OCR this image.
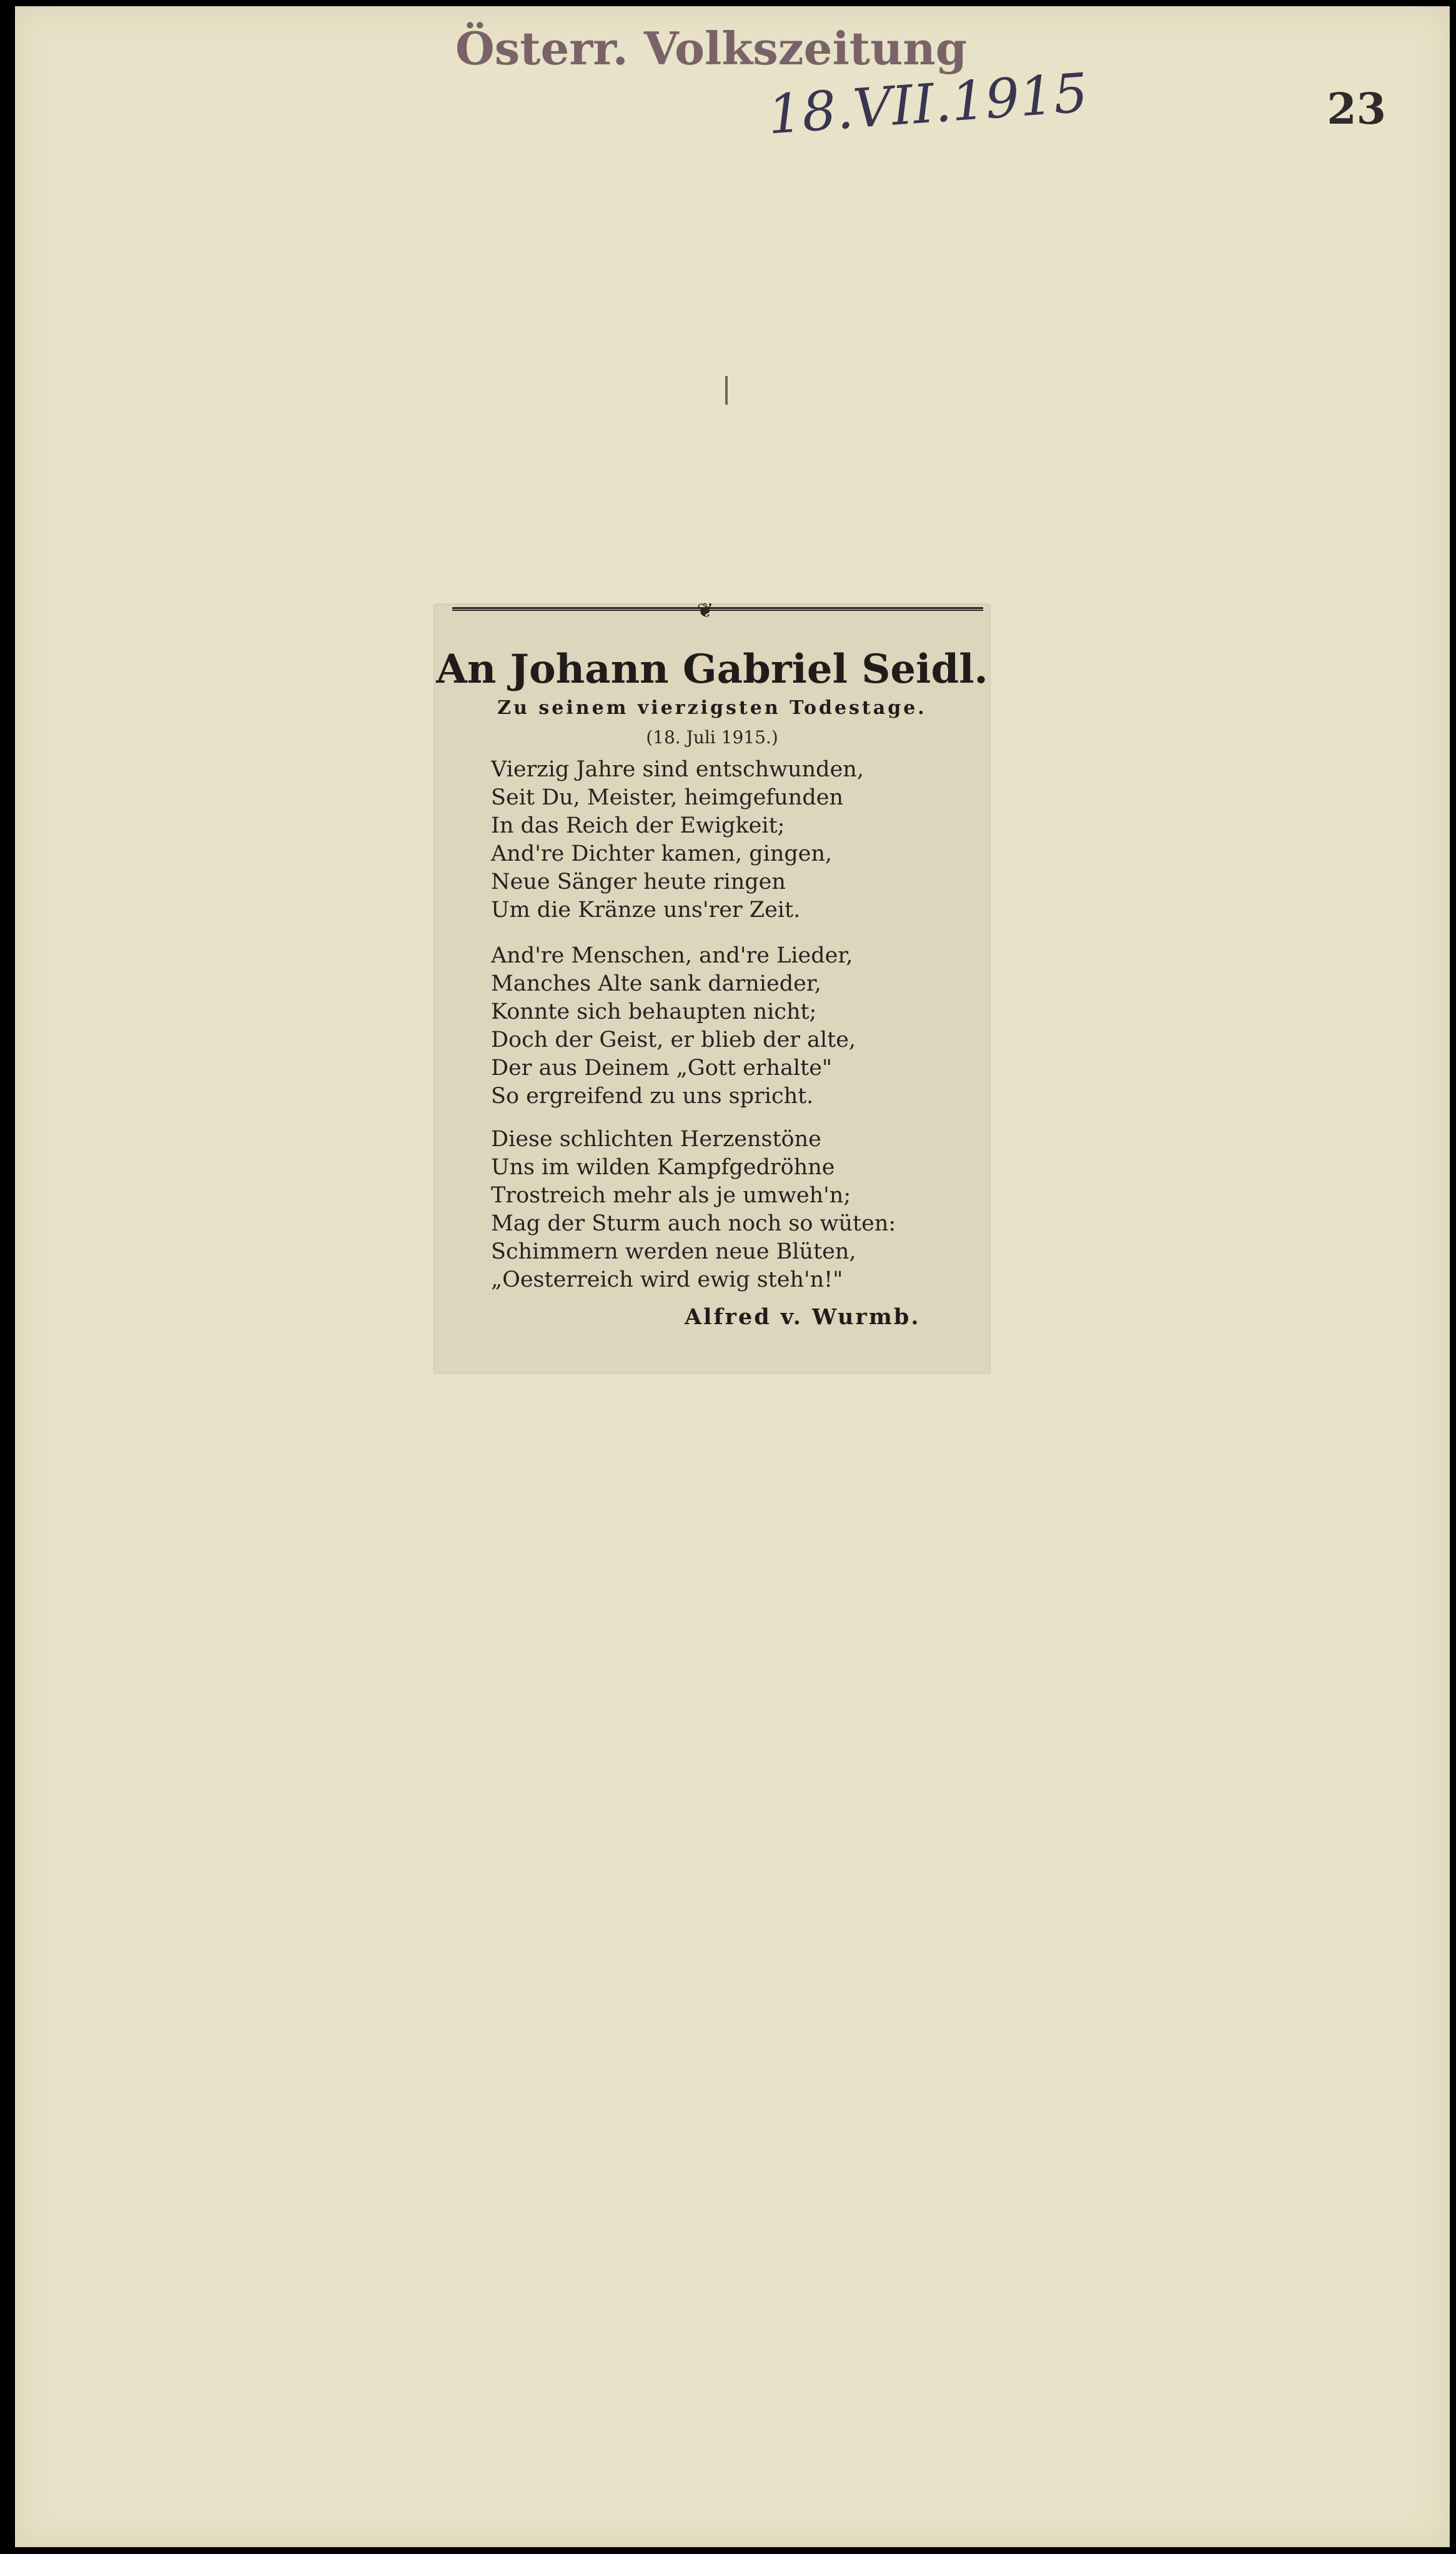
Österr. Volkszeitung
18.VII.1915	23
❦
An Johann Gabriel Seidl.
Zu seinem vierzigsten Todestage.
(18. Juli 1915.)
Vierzig Jahre sind entschwunden,
Seit Du, Meister, heimgefunden
In das Reich der Ewigkeit;
And're Dichter kamen, gingen,
Neue Sänger heute ringen
Um die Kränze uns'rer Zeit.
And're Menschen, and're Lieder,
Manches Alte sank darnieder,
Konnte sich behaupten nicht;
Doch der Geist, er blieb der alte,
Der aus Deinem „Gott erhalte"
So ergreifend zu uns spricht.
Diese schlichten Herzenstöne
Uns im wilden Kampfgedröhne
Trostreich mehr als je umweh'n;
Mag der Sturm auch noch so wüten:
Schimmern werden neue Blüten,
„Oesterreich wird ewig steh'n!"
Alfred v. Wurmb.
